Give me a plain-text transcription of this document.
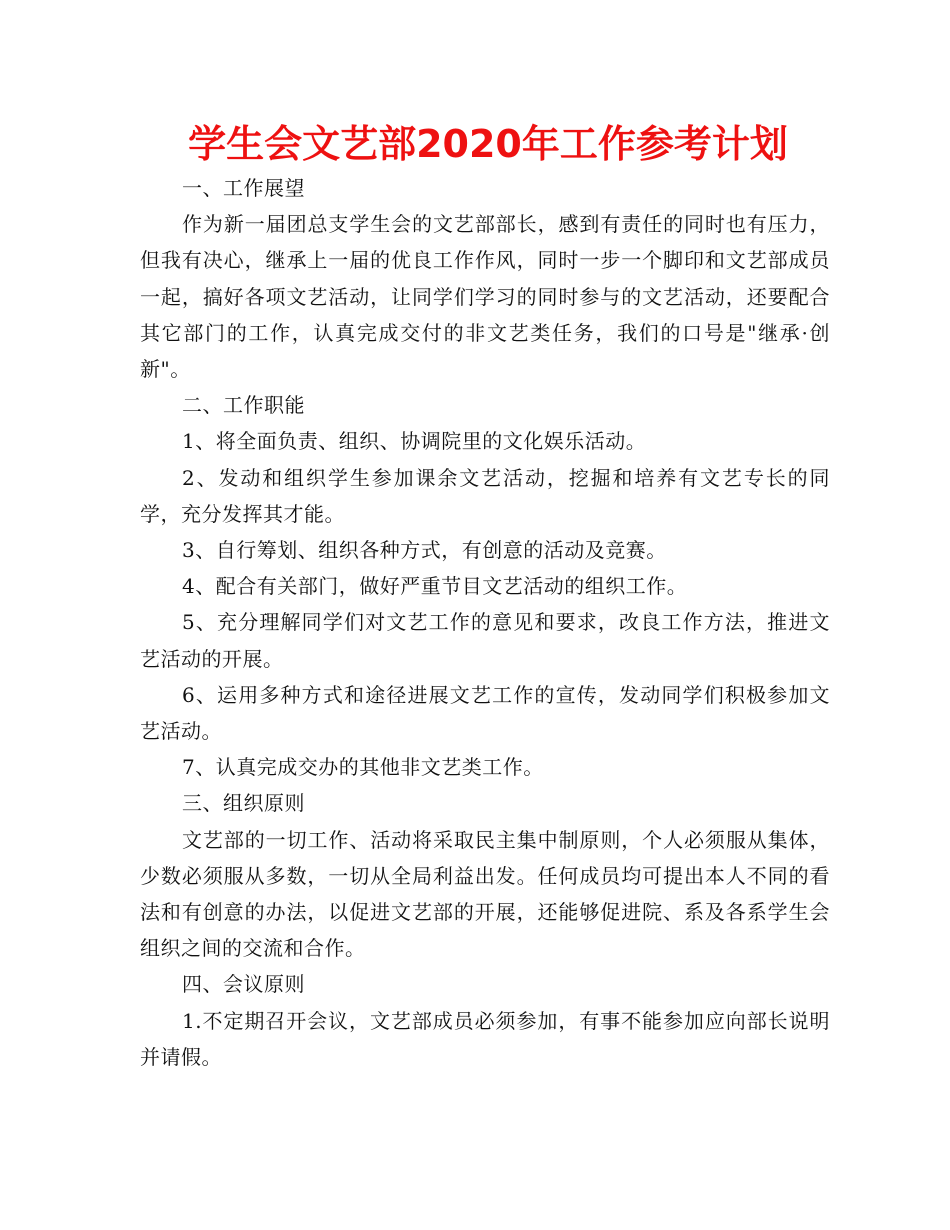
学生会文艺部2020年工作参考计划

一、工作展望

作为新一届团总支学生会的文艺部部长，感到有责任的同时也有压力，但我有决心，继承上一届的优良工作作风，同时一步一个脚印和文艺部成员一起，搞好各项文艺活动，让同学们学习的同时参与的文艺活动，还要配合其它部门的工作，认真完成交付的非文艺类任务，我们的口号是"继承·创新"。

二、工作职能

1、将全面负责、组织、协调院里的文化娱乐活动。

2、发动和组织学生参加课余文艺活动，挖掘和培养有文艺专长的同学，充分发挥其才能。

3、自行筹划、组织各种方式，有创意的活动及竞赛。

4、配合有关部门，做好严重节目文艺活动的组织工作。

5、充分理解同学们对文艺工作的意见和要求，改良工作方法，推进文艺活动的开展。

6、运用多种方式和途径进展文艺工作的宣传，发动同学们积极参加文艺活动。

7、认真完成交办的其他非文艺类工作。

三、组织原则

文艺部的一切工作、活动将采取民主集中制原则，个人必须服从集体，少数必须服从多数，一切从全局利益出发。任何成员均可提出本人不同的看法和有创意的办法，以促进文艺部的开展，还能够促进院、系及各系学生会组织之间的交流和合作。

四、会议原则

1.不定期召开会议，文艺部成员必须参加，有事不能参加应向部长说明并请假。
